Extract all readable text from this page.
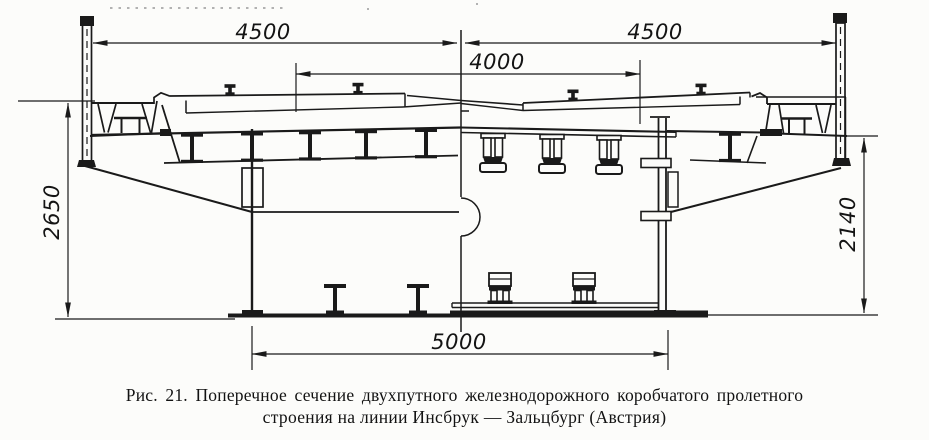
4500	4500
4000
2650	2140
5000
Рис. 21. Поперечное сечение двухпутного железнодорожного коробчатого пролетного
строения на линии Инсбрук — Зальцбург (Австрия)
